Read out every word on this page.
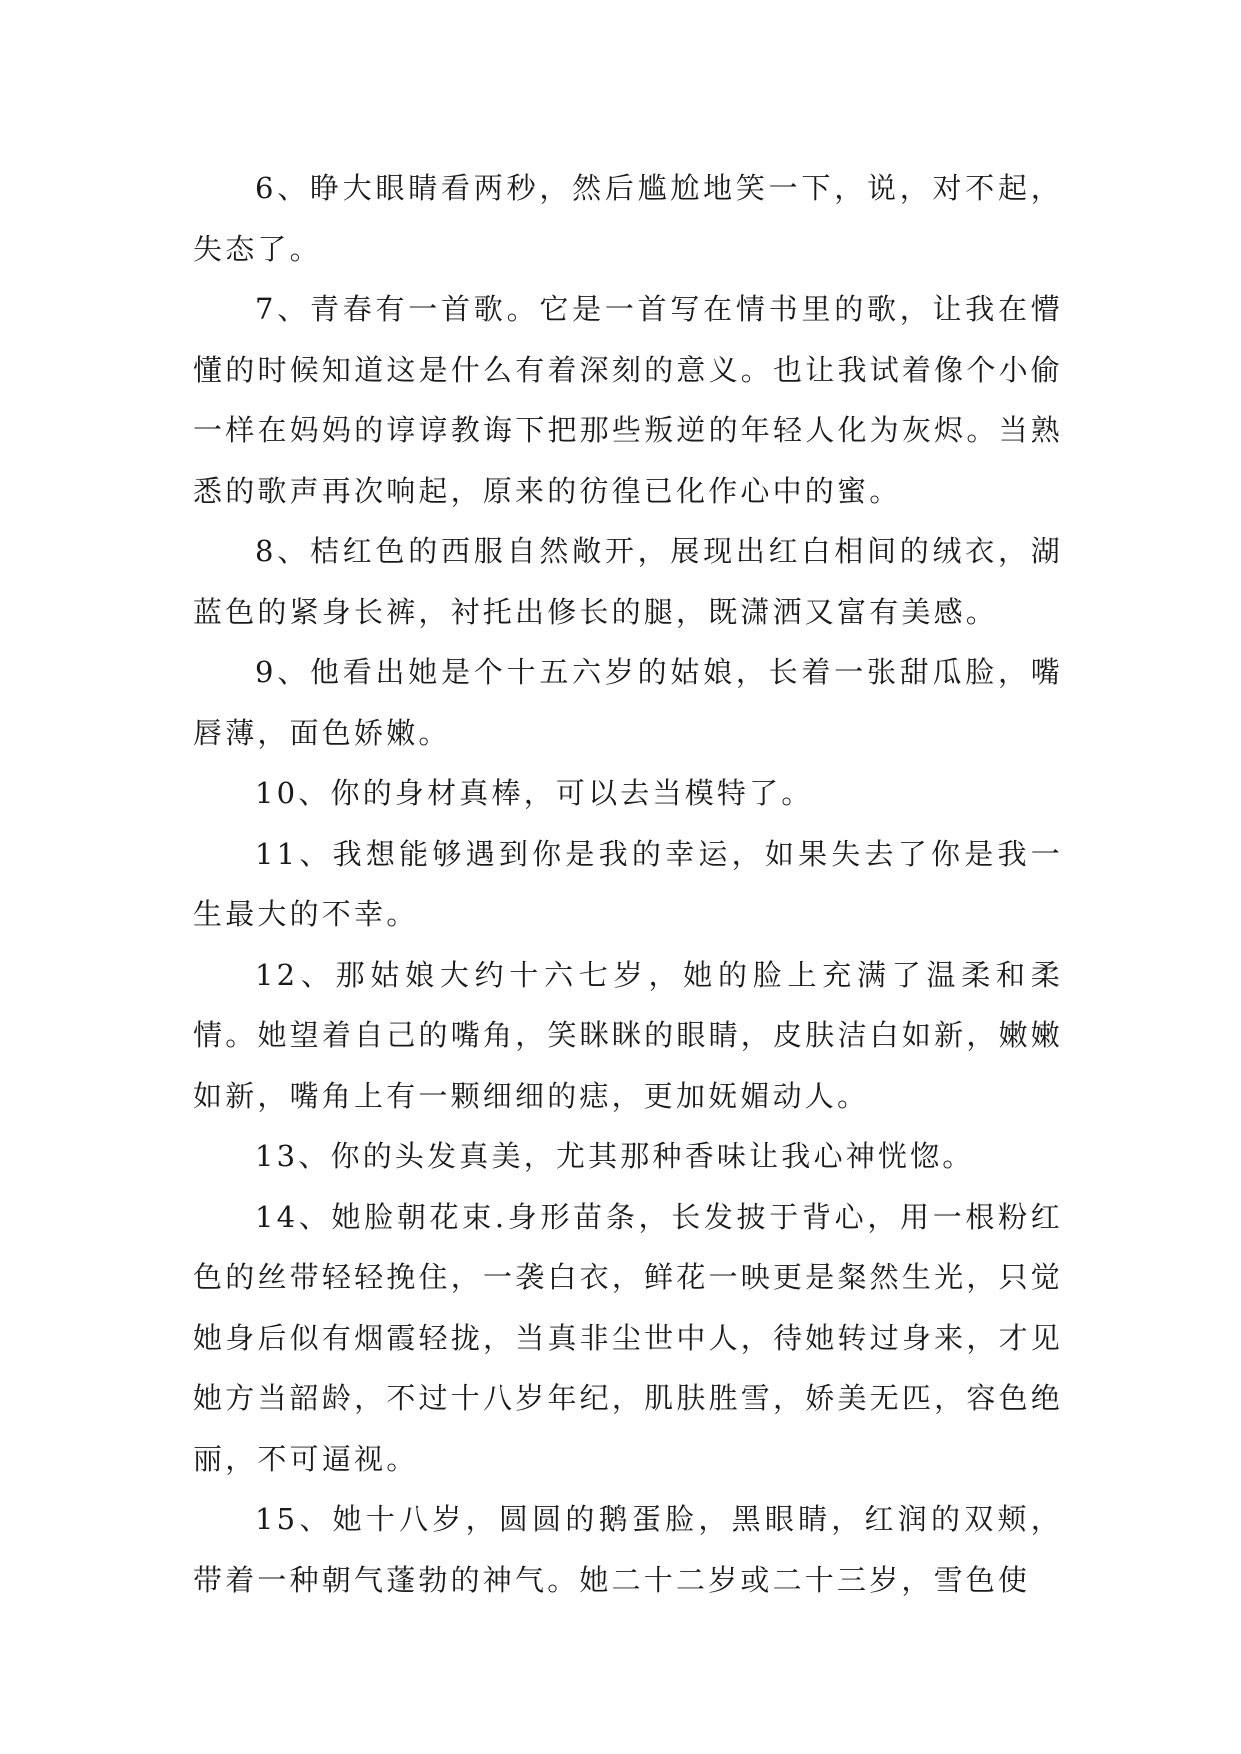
6、睁大眼睛看两秒，然后尴尬地笑一下，说，对不起，失态了。

7、青春有一首歌。它是一首写在情书里的歌，让我在懵懂的时候知道这是什么有着深刻的意义。也让我试着像个小偷一样在妈妈的谆谆教诲下把那些叛逆的年轻人化为灰烬。当熟悉的歌声再次响起，原来的彷徨已化作心中的蜜。

8、桔红色的西服自然敞开，展现出红白相间的绒衣，湖蓝色的紧身长裤，衬托出修长的腿，既潇洒又富有美感。

9、他看出她是个十五六岁的姑娘，长着一张甜瓜脸，嘴唇薄，面色娇嫩。

10、你的身材真棒，可以去当模特了。

11、我想能够遇到你是我的幸运，如果失去了你是我一生最大的不幸。

12、那姑娘大约十六七岁，她的脸上充满了温柔和柔情。她望着自己的嘴角，笑眯眯的眼睛，皮肤洁白如新，嫩嫩如新，嘴角上有一颗细细的痣，更加妩媚动人。

13、你的头发真美，尤其那种香味让我心神恍惚。

14、她脸朝花束.身形苗条，长发披于背心，用一根粉红色的丝带轻轻挽住，一袭白衣，鲜花一映更是粲然生光，只觉她身后似有烟霞轻拢，当真非尘世中人，待她转过身来，才见她方当韶龄，不过十八岁年纪，肌肤胜雪，娇美无匹，容色绝丽，不可逼视。

15、她十八岁，圆圆的鹅蛋脸，黑眼睛，红润的双颊，带着一种朝气蓬勃的神气。她二十二岁或二十三岁，雪色使
